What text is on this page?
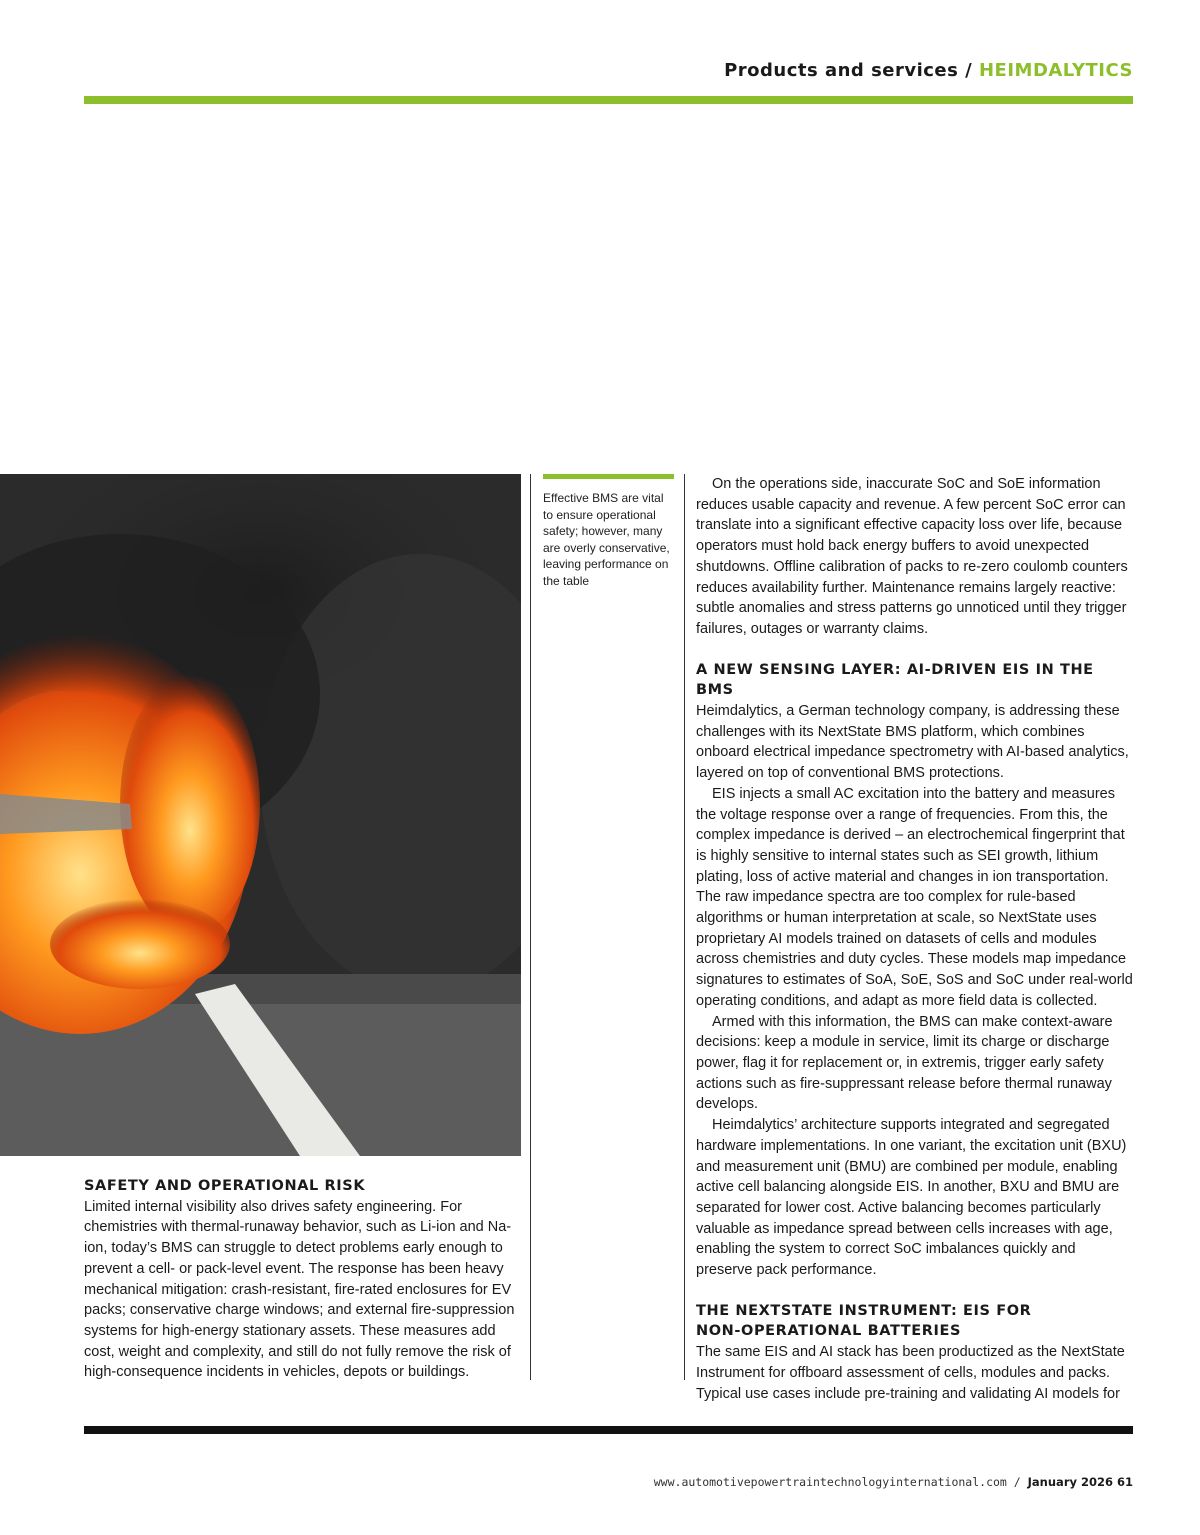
Products and services / HEIMDALYTICS
Effective BMS are vital to ensure operational safety; however, many are overly conservative, leaving performance on the table
SAFETY AND OPERATIONAL RISK

Limited internal visibility also drives safety engineering. For chemistries with thermal-runaway behavior, such as Li-ion and Na-ion, today’s BMS can struggle to detect problems early enough to prevent a cell- or pack-level event. The response has been heavy mechanical mitigation: crash-resistant, fire-rated enclosures for EV packs; conservative charge windows; and external fire-suppression systems for high-energy stationary assets. These measures add cost, weight and complexity, and still do not fully remove the risk of high-consequence incidents in vehicles, depots or buildings.

On the operations side, inaccurate SoC and SoE information reduces usable capacity and revenue. A few percent SoC error can translate into a significant effective capacity loss over life, because operators must hold back energy buffers to avoid unexpected shutdowns. Offline calibration of packs to re-zero coulomb counters reduces availability further. Maintenance remains largely reactive: subtle anomalies and stress patterns go unnoticed until they trigger failures, outages or warranty claims.

A NEW SENSING LAYER: AI-DRIVEN EIS IN THE BMS

Heimdalytics, a German technology company, is addressing these challenges with its NextState BMS platform, which combines onboard electrical impedance spectrometry with AI-based analytics, layered on top of conventional BMS protections.

EIS injects a small AC excitation into the battery and measures the voltage response over a range of frequencies. From this, the complex impedance is derived – an electrochemical fingerprint that is highly sensitive to internal states such as SEI growth, lithium plating, loss of active material and changes in ion transportation. The raw impedance spectra are too complex for rule-based algorithms or human interpretation at scale, so NextState uses proprietary AI models trained on datasets of cells and modules across chemistries and duty cycles. These models map impedance signatures to estimates of SoA, SoE, SoS and SoC under real-world operating conditions, and adapt as more field data is collected.

Armed with this information, the BMS can make context-aware decisions: keep a module in service, limit its charge or discharge power, flag it for replacement or, in extremis, trigger early safety actions such as fire-suppressant release before thermal runaway develops.

Heimdalytics’ architecture supports integrated and segregated hardware implementations. In one variant, the excitation unit (BXU) and measurement unit (BMU) are combined per module, enabling active cell balancing alongside EIS. In another, BXU and BMU are separated for lower cost. Active balancing becomes particularly valuable as impedance spread between cells increases with age, enabling the system to correct SoC imbalances quickly and preserve pack performance.

THE NEXTSTATE INSTRUMENT: EIS FOR
NON-OPERATIONAL BATTERIES

The same EIS and AI stack has been productized as the NextState Instrument for offboard assessment of cells, modules and packs. Typical use cases include pre-training and validating AI models for

www.automotivepowertraintechnologyinternational.com / January 2026 61
